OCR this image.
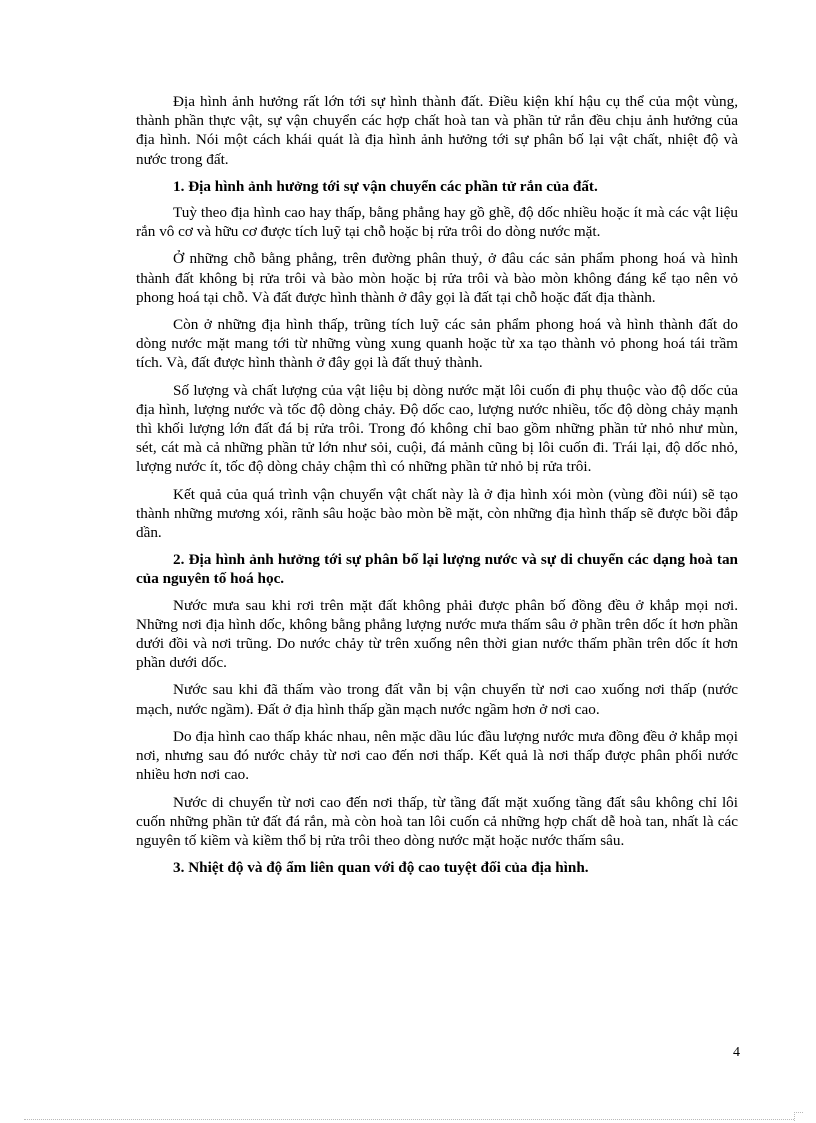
Địa hình ảnh hưởng rất lớn tới sự hình thành đất. Điều kiện khí hậu cụ thể của một vùng, thành phần thực vật, sự vận chuyển các hợp chất hoà tan và phần tử rắn đều chịu ảnh hưởng của địa hình. Nói một cách khái quát là địa hình ảnh hưởng tới sự phân bố lại vật chất, nhiệt độ và nước trong đất.

1. Địa hình ảnh hưởng tới sự vận chuyển các phần tử rắn của đất.

Tuỳ theo địa hình cao hay thấp, bằng phẳng hay gồ ghề, độ dốc nhiều hoặc ít mà các vật liệu rắn vô cơ và hữu cơ được tích luỹ tại chỗ hoặc bị rửa trôi do dòng nước mặt.

Ở những chỗ bằng phẳng, trên đường phân thuỷ, ở đâu các sản phẩm phong hoá và hình thành đất không bị rửa trôi và bào mòn hoặc bị rửa trôi và bào mòn không đáng kể tạo nên vỏ phong hoá tại chỗ. Và đất được hình thành ở đây gọi là đất tại chỗ hoặc đất địa thành.

Còn ở những địa hình thấp, trũng tích luỹ các sản phẩm phong hoá và hình thành đất do dòng nước mặt mang tới từ những vùng xung quanh hoặc từ xa tạo thành vỏ phong hoá tái trầm tích. Và, đất được hình thành ở đây gọi là đất thuỷ thành.

Số lượng và chất lượng của vật liệu bị dòng nước mặt lôi cuốn đi phụ thuộc vào độ dốc của địa hình, lượng nước và tốc độ dòng chảy. Độ dốc cao, lượng nước nhiều, tốc độ dòng chảy mạnh thì khối lượng lớn đất đá bị rửa trôi. Trong đó không chỉ bao gồm những phần tử nhỏ như mùn, sét, cát mà cả những phần tử lớn như sỏi, cuội, đá mảnh cũng bị lôi cuốn đi. Trái lại, độ dốc nhỏ, lượng nước ít, tốc độ dòng chảy chậm thì có những phần tử nhỏ bị rửa trôi.

Kết quả của quá trình vận chuyển vật chất này là ở địa hình xói mòn (vùng đồi núi) sẽ tạo thành những mương xói, rãnh sâu hoặc bào mòn bề mặt, còn những địa hình thấp sẽ được bồi đắp dần.

2. Địa hình ảnh hưởng tới sự phân bố lại lượng nước và sự di chuyển các dạng hoà tan của nguyên tố hoá học.

Nước mưa sau khi rơi trên mặt đất không phải được phân bố đồng đều ở khắp mọi nơi. Những nơi địa hình dốc, không bằng phẳng lượng nước mưa thấm sâu ở phần trên dốc ít hơn phần dưới đồi và nơi trũng. Do nước chảy từ trên xuống nên thời gian nước thấm phần trên dốc ít hơn phần dưới dốc.

Nước sau khi đã thấm vào trong đất vẫn bị vận chuyển từ nơi cao xuống nơi thấp (nước mạch, nước ngầm). Đất ở địa hình thấp gần mạch nước ngầm hơn ở nơi cao.

Do địa hình cao thấp khác nhau, nên mặc dầu lúc đầu lượng nước mưa đồng đều ở khắp mọi nơi, nhưng sau đó nước chảy từ nơi cao đến nơi thấp. Kết quả là nơi thấp được phân phối nước nhiều hơn nơi cao.

Nước di chuyển từ nơi cao đến nơi thấp, từ tầng đất mặt xuống tầng đất sâu không chỉ lôi cuốn những phần tử đất đá rắn, mà còn hoà tan lôi cuốn cả những hợp chất dễ hoà tan, nhất là các nguyên tố kiềm và kiềm thổ bị rửa trôi theo dòng nước mặt hoặc nước thấm sâu.

3. Nhiệt độ và độ ẩm liên quan với độ cao tuyệt đối của địa hình.

4
